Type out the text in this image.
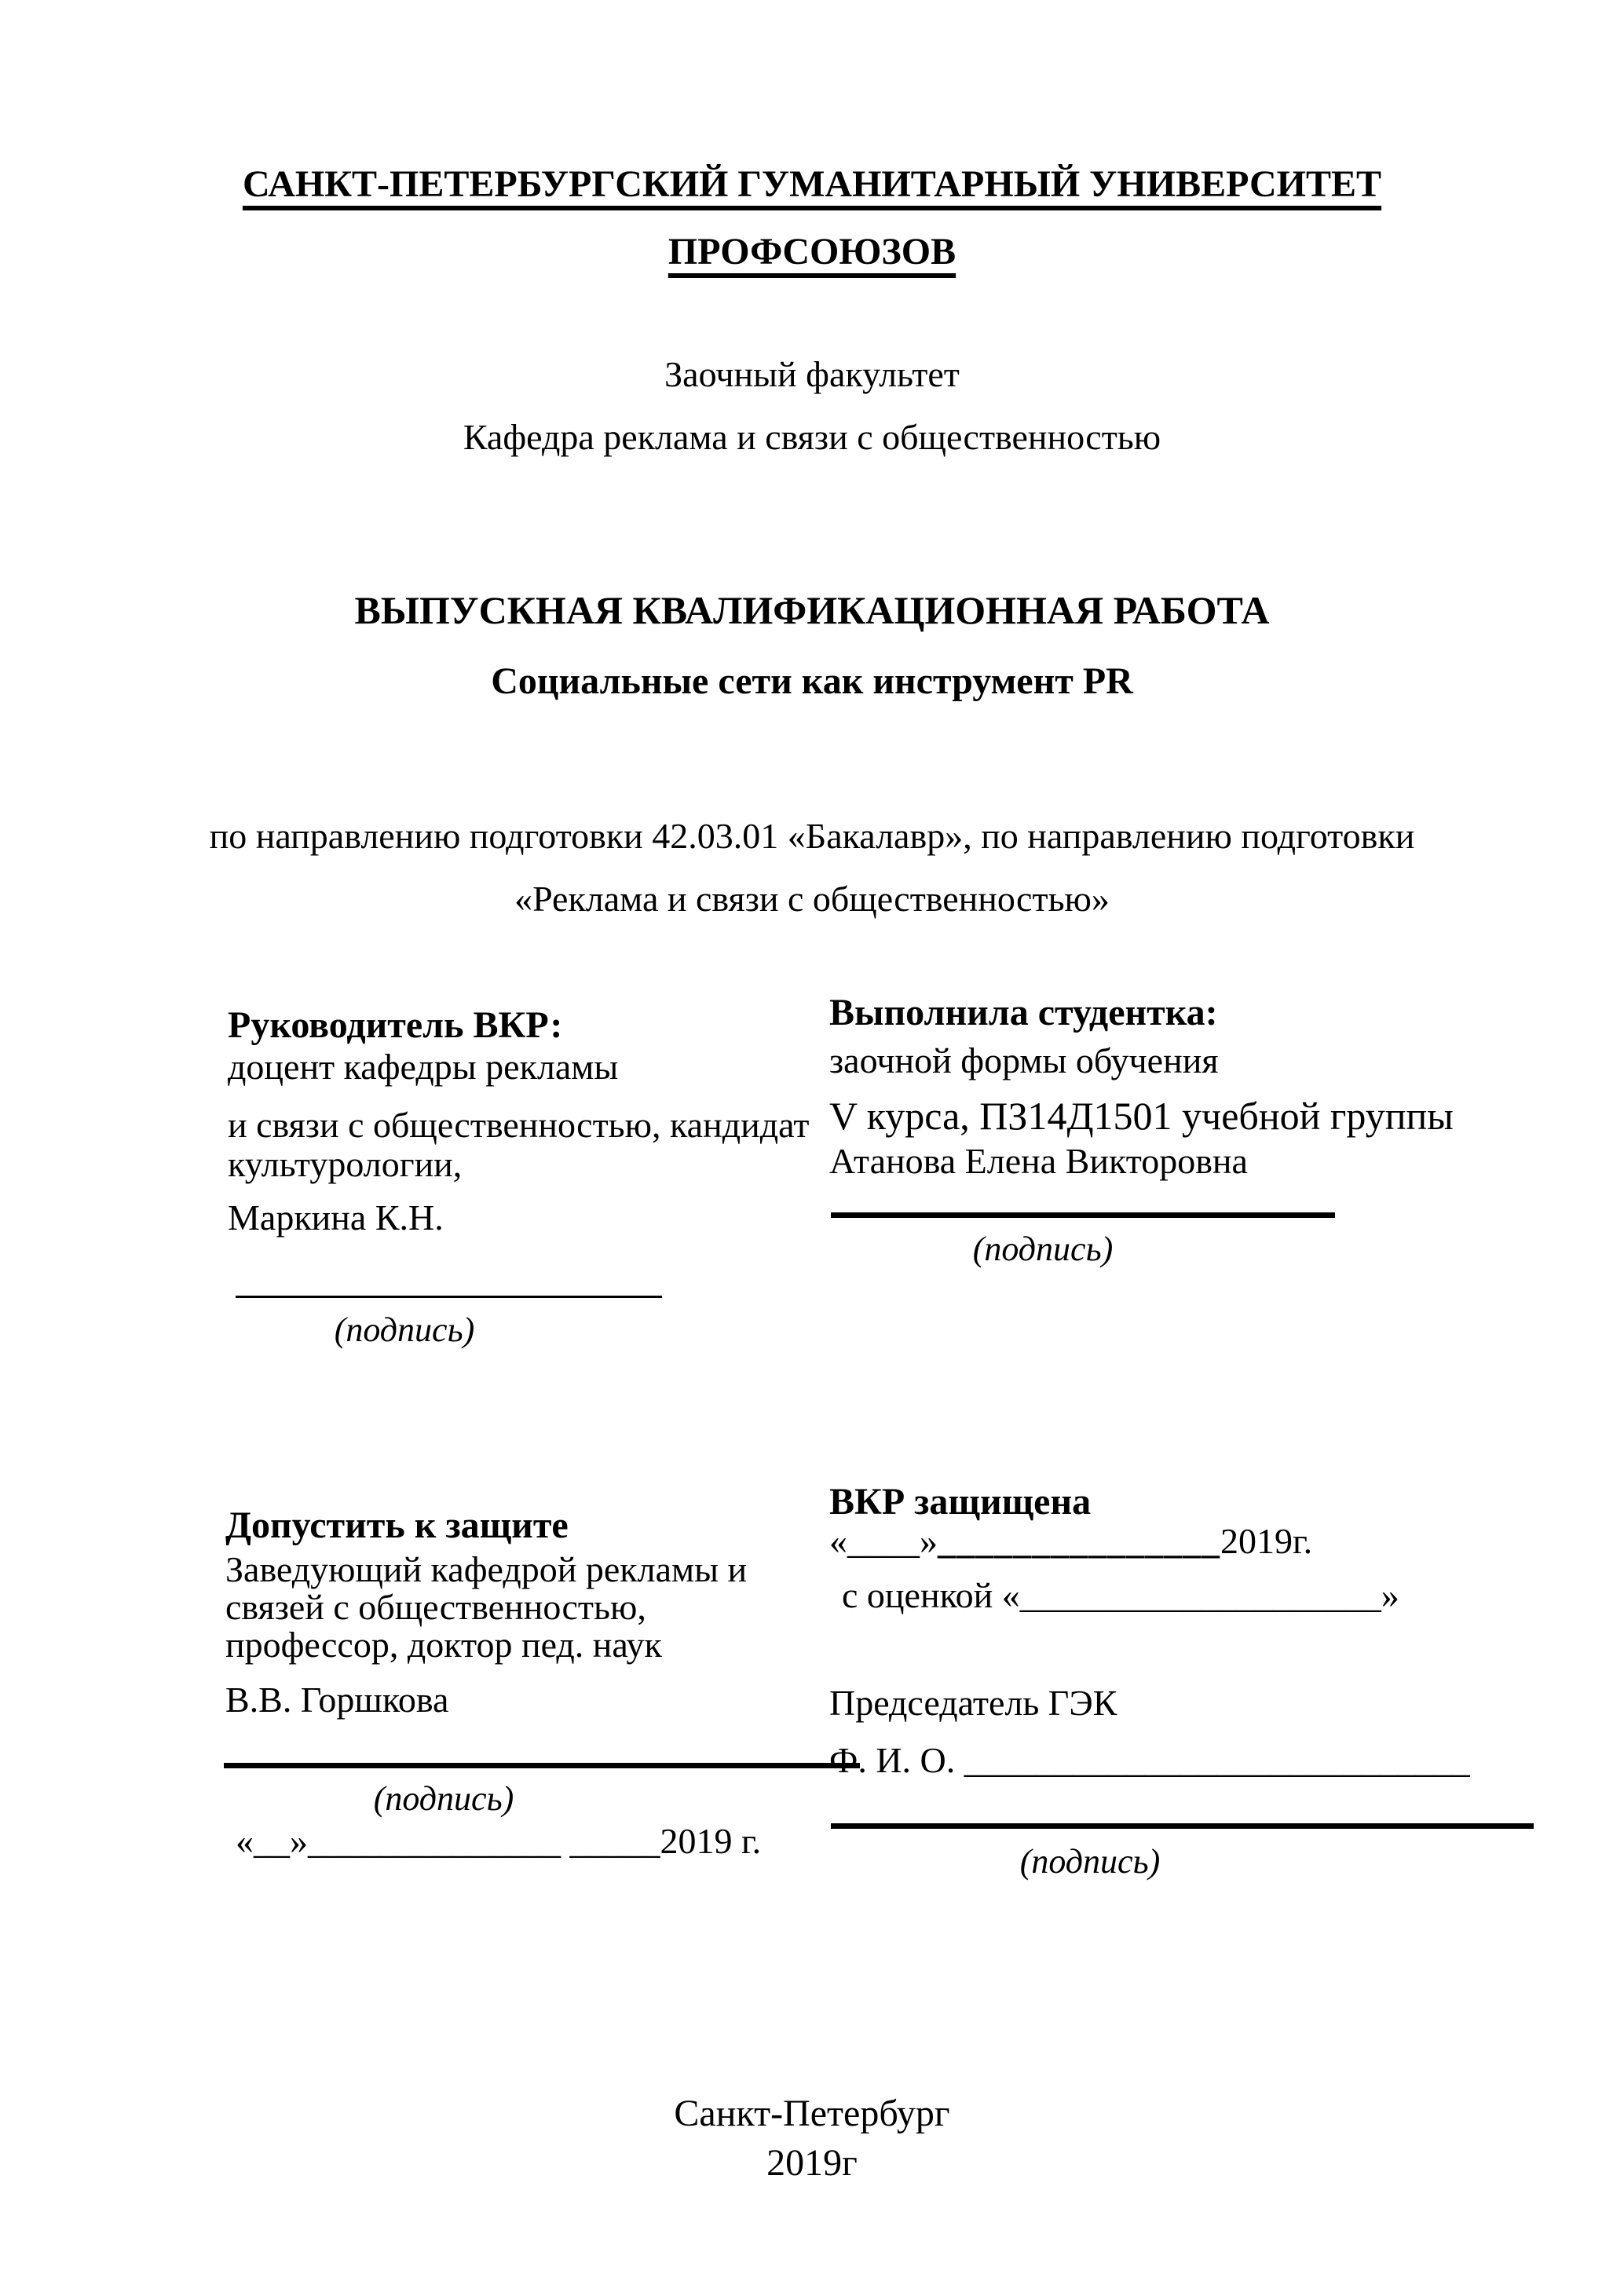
САНКТ-ПЕТЕРБУРГСКИЙ ГУМАНИТАРНЫЙ УНИВЕРСИТЕТ
ПРОФСОЮЗОВ
Заочный факультет
Кафедра реклама и связи с общественностью
ВЫПУСКНАЯ КВАЛИФИКАЦИОННАЯ РАБОТА
Социальные сети как инструмент PR
по направлению подготовки 42.03.01 «Бакалавр», по направлению подготовки
«Реклама и связи с общественностью»
Руководитель ВКР:
доцент кафедры рекламы
и связи с общественностью, кандидат
культурологии,
Маркина К.Н.
(подпись)
Выполнила студентка:
заочной формы обучения
V курса, ПЗ14Д1501 учебной группы
Атанова Елена Викторовна
(подпись)
Допустить к защите
Заведующий кафедрой рекламы и
связей с общественностью,
профессор, доктор пед. наук
В.В. Горшкова
(подпись)
«__»______________ _____2019 г.
ВКР защищена
«____»_______________2019г.
с оценкой «____________________»
Председатель ГЭК
Ф. И. О. ____________________________
(подпись)
Санкт-Петербург
2019г
